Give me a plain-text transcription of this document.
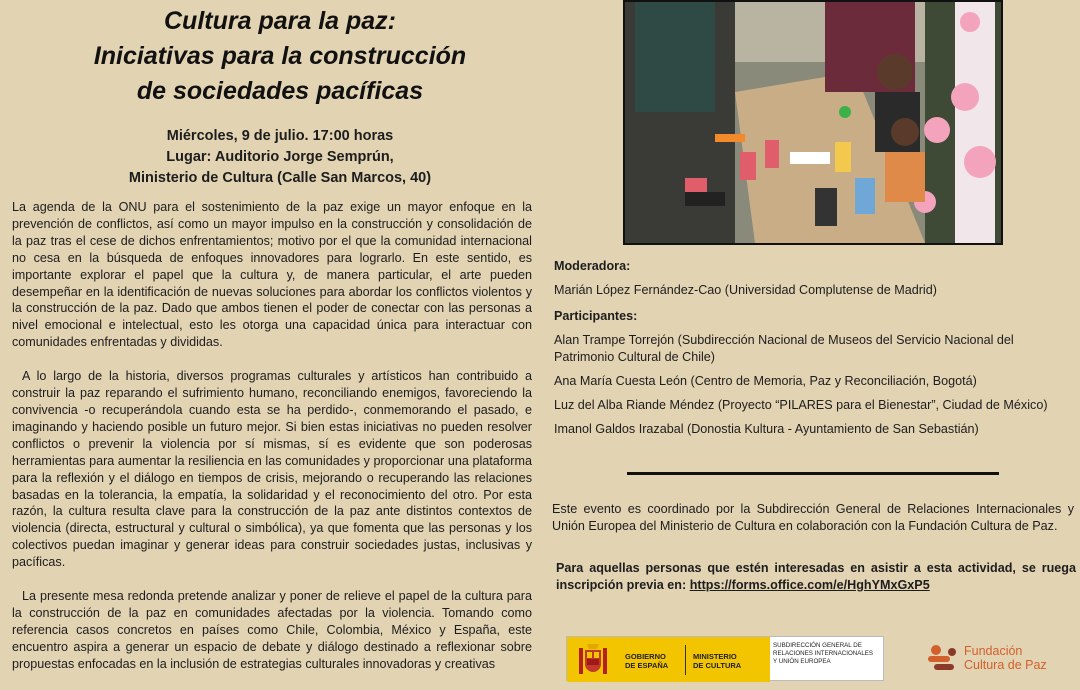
Cultura para la paz:
Iniciativas para la construcción
de sociedades pacíficas
Miércoles, 9 de julio. 17:00 horas
Lugar: Auditorio Jorge Semprún,
Ministerio de Cultura (Calle San Marcos, 40)

La agenda de la ONU para el sostenimiento de la paz exige un mayor enfoque en la prevención de conflictos, así como un mayor impulso en la construcción y consolidación de la paz tras el cese de dichos enfrentamientos; motivo por el que la comunidad internacional no cesa en la búsqueda de enfoques innovadores para lograrlo. En este sentido, es importante explorar el papel que la cultura y, de manera particular, el arte pueden desempeñar en la identificación de nuevas soluciones para abordar los conflictos violentos y la construcción de la paz. Dado que ambos tienen el poder de conectar con las personas a nivel emocional e intelectual, esto les otorga una capacidad única para interactuar con comunidades enfrentadas y divididas.

A lo largo de la historia, diversos programas culturales y artísticos han contribuido a construir la paz reparando el sufrimiento humano, reconciliando enemigos, favoreciendo la convivencia -o recuperándola cuando esta se ha perdido-, conmemorando el pasado, e imaginando y haciendo posible un futuro mejor. Si bien estas iniciativas no pueden resolver conflictos o prevenir la violencia por sí mismas, sí es evidente que son poderosas herramientas para aumentar la resiliencia en las comunidades y proporcionar una plataforma para la reflexión y el diálogo en tiempos de crisis, mejorando o recuperando las relaciones basadas en la tolerancia, la empatía, la solidaridad y el reconocimiento del otro. Por esta razón, la cultura resulta clave para la construcción de la paz ante distintos contextos de violencia (directa, estructural y cultural o simbólica), ya que fomenta que las personas y los colectivos puedan imaginar y generar ideas para construir sociedades justas, inclusivas y pacíficas.

La presente mesa redonda pretende analizar y poner de relieve el papel de la cultura para la construcción de la paz en comunidades afectadas por la violencia. Tomando como referencia casos concretos en países como Chile, Colombia, México y España, este encuentro aspira a generar un espacio de debate y diálogo destinado a reflexionar sobre propuestas enfocadas en la inclusión de estrategias culturales innovadoras y creativas

Moderadora:

Marián López Fernández-Cao (Universidad Complutense de Madrid)

Participantes:

Alan Trampe Torrejón (Subdirección Nacional de Museos del Servicio Nacional del Patrimonio Cultural de Chile)

Ana María Cuesta León (Centro de Memoria, Paz y Reconciliación, Bogotá)

Luz del Alba Riande Méndez (Proyecto “PILARES para el Bienestar”, Ciudad de México)

Imanol Galdos Irazabal (Donostia Kultura - Ayuntamiento de San Sebastián)

Este evento es coordinado por la Subdirección General de Relaciones Internacionales y Unión Europea del Ministerio de Cultura en colaboración con la Fundación Cultura de Paz.
Para aquellas personas que estén interesadas en asistir a esta actividad, se ruega inscripción previa en: https://forms.office.com/e/HghYMxGxP5
GOBIERNO
DE ESPAÑA
MINISTERIO
DE CULTURA
SUBDIRECCIÓN GENERAL DE
RELACIONES INTERNACIONALES
Y UNIÓN EUROPEA
Fundación
Cultura de Paz
